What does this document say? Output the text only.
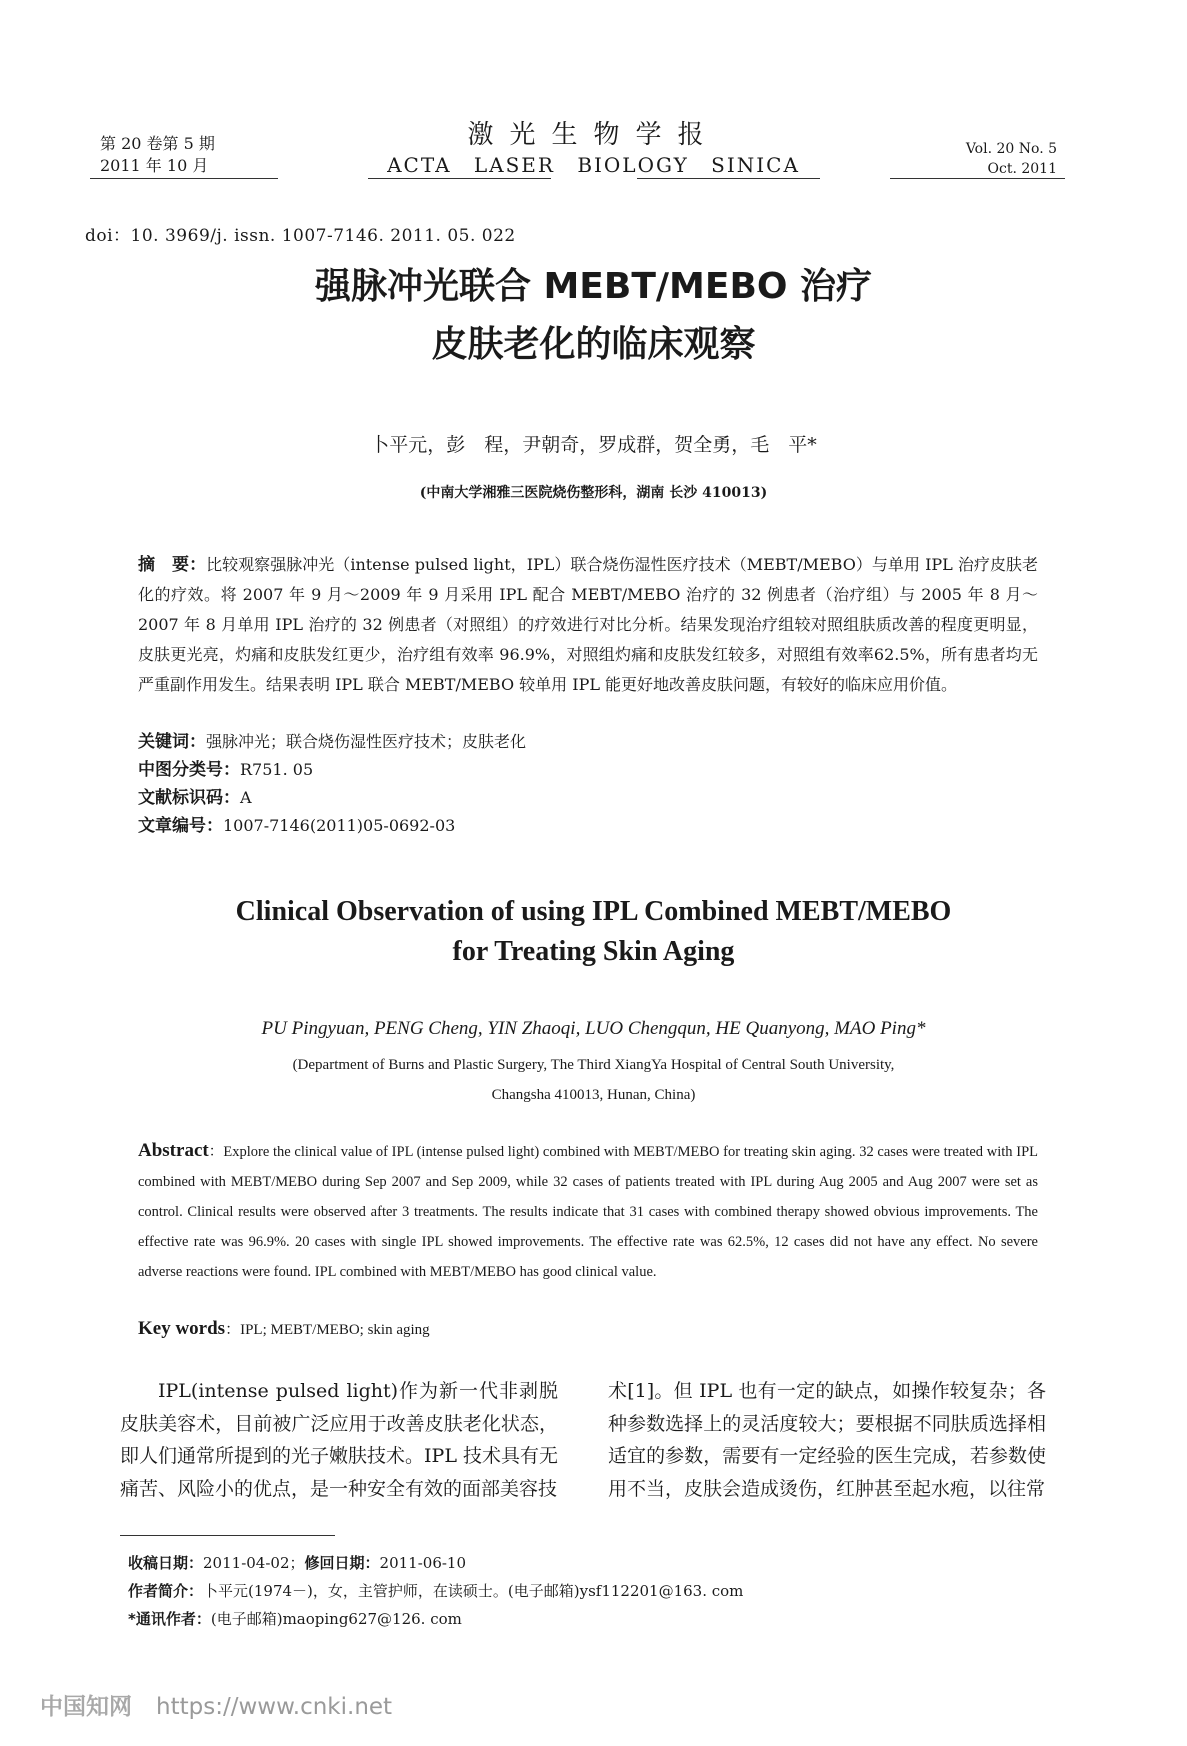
第 20 卷第 5 期
2011 年 10 月
激光生物学报
ACTA LASER BIOLOGY SINICA
Vol. 20 No. 5
Oct. 2011
doi：10. 3969/j. issn. 1007-7146. 2011. 05. 022
强脉冲光联合 MEBT/MEBO 治疗
皮肤老化的临床观察
卜平元，彭　程，尹朝奇，罗成群，贺全勇，毛　平*
(中南大学湘雅三医院烧伤整形科，湖南 长沙 410013)
摘　要：比较观察强脉冲光（intense pulsed light，IPL）联合烧伤湿性医疗技术（MEBT/MEBO）与单用 IPL 治疗皮肤老化的疗效。将 2007 年 9 月～2009 年 9 月采用 IPL 配合 MEBT/MEBO 治疗的 32 例患者（治疗组）与 2005 年 8 月～2007 年 8 月单用 IPL 治疗的 32 例患者（对照组）的疗效进行对比分析。结果发现治疗组较对照组肤质改善的程度更明显，皮肤更光亮，灼痛和皮肤发红更少，治疗组有效率 96.9%，对照组灼痛和皮肤发红较多，对照组有效率62.5%，所有患者均无严重副作用发生。结果表明 IPL 联合 MEBT/MEBO 较单用 IPL 能更好地改善皮肤问题，有较好的临床应用价值。
关键词：强脉冲光；联合烧伤湿性医疗技术；皮肤老化
中图分类号：R751. 05
文献标识码：A
文章编号：1007-7146(2011)05-0692-03
Clinical Observation of using IPL Combined MEBT/MEBO
for Treating Skin Aging
PU Pingyuan, PENG Cheng, YIN Zhaoqi, LUO Chengqun, HE Quanyong, MAO Ping*
(Department of Burns and Plastic Surgery, The Third XiangYa Hospital of Central South University,
Changsha 410013, Hunan, China)
Abstract：Explore the clinical value of IPL (intense pulsed light) combined with MEBT/MEBO for treating skin aging. 32 cases were treated with IPL combined with MEBT/MEBO during Sep 2007 and Sep 2009, while 32 cases of patients treated with IPL during Aug 2005 and Aug 2007 were set as control. Clinical results were observed after 3 treatments. The results indicate that 31 cases with combined therapy showed obvious improvements. The effective rate was 96.9%. 20 cases with single IPL showed improvements. The effective rate was 62.5%, 12 cases did not have any effect. No severe adverse reactions were found. IPL combined with MEBT/MEBO has good clinical value.
Key words：IPL; MEBT/MEBO; skin aging
IPL(intense pulsed light)作为新一代非剥脱皮肤美容术，目前被广泛应用于改善皮肤老化状态，即人们通常所提到的光子嫩肤技术。IPL 技术具有无痛苦、风险小的优点，是一种安全有效的面部美容技
术[1]。但 IPL 也有一定的缺点，如操作较复杂；各种参数选择上的灵活度较大；要根据不同肤质选择相适宜的参数，需要有一定经验的医生完成，若参数使用不当，皮肤会造成烫伤，红肿甚至起水疱，以往常
收稿日期：2011-04-02；修回日期：2011-06-10
作者简介：卜平元(1974－)，女，主管护师，在读硕士。(电子邮箱)ysf112201@163. com
*通讯作者：(电子邮箱)maoping627@126. com
中国知网 https://www.cnki.net
